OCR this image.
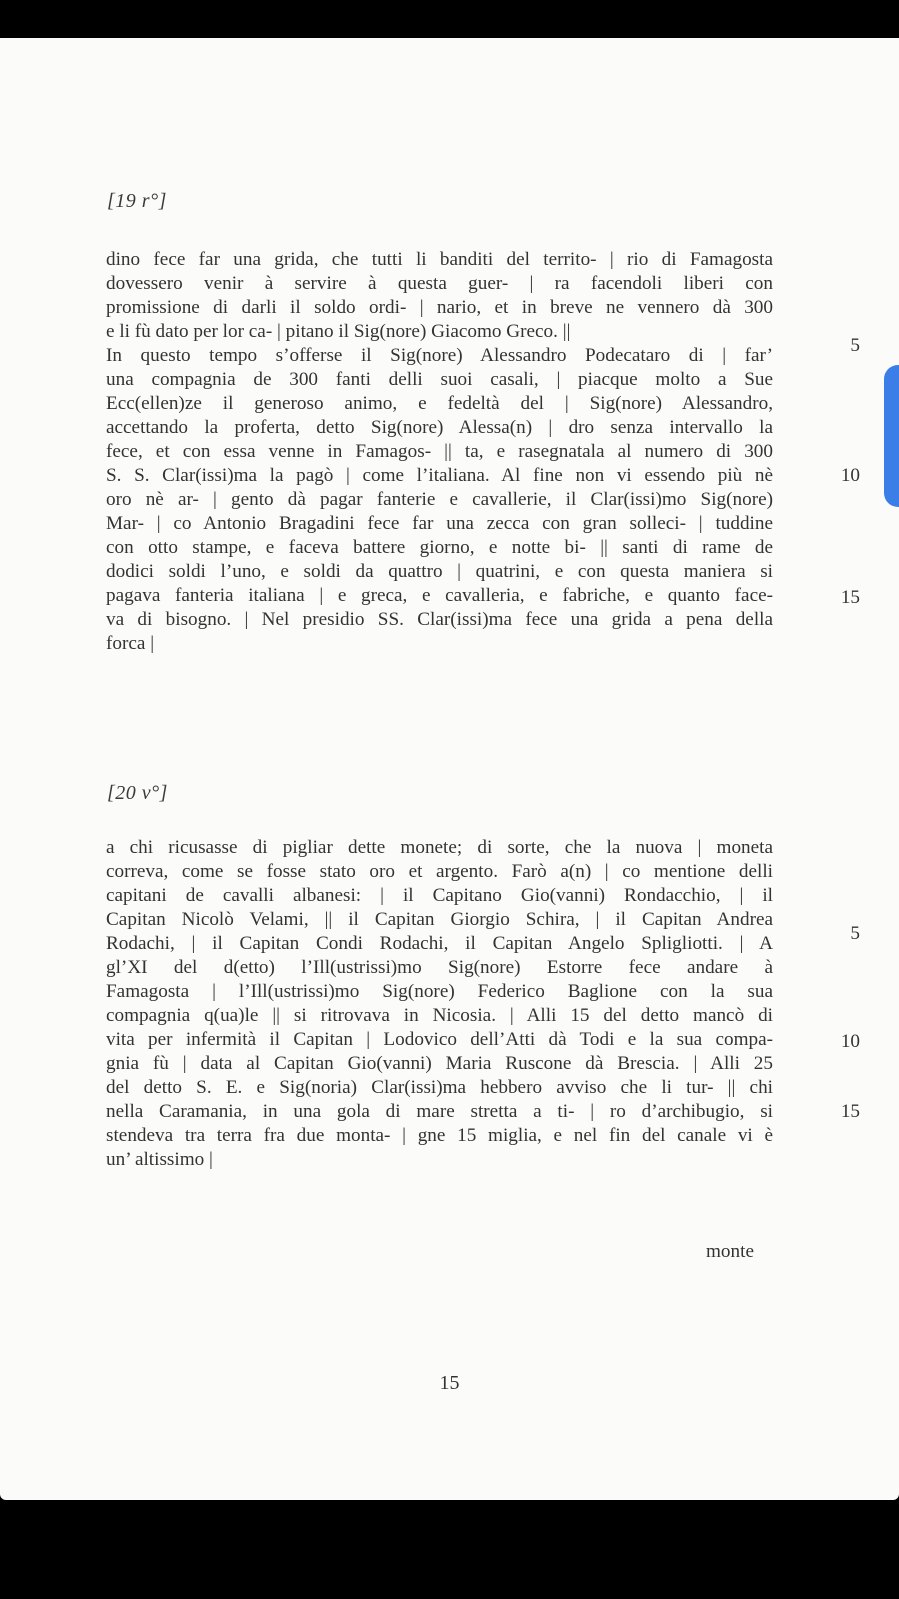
[19 r°]
dino fece far una grida, che tutti li banditi del territo- | rio di Famagosta
dovessero venir à servire à questa guer- | ra facendoli liberi con
promissione di darli il soldo ordi- | nario, et in breve ne vennero dà 300
e li fù dato per lor ca- | pitano il Sig(nore) Giacomo Greco. ||
In questo tempo s’offerse il Sig(nore) Alessandro Podecataro di | far’
una compagnia de 300 fanti delli suoi casali, | piacque molto a Sue
Ecc(ellen)ze il generoso animo, e fedeltà del | Sig(nore) Alessandro,
accettando la proferta, detto Sig(nore) Alessa(n) | dro senza intervallo la
fece, et con essa venne in Famagos- || ta, e rasegnatala al numero di 300
S. S. Clar(issi)ma la pagò | come l’italiana. Al fine non vi essendo più nè
oro nè ar- | gento dà pagar fanterie e cavallerie, il Clar(issi)mo Sig(nore)
Mar- | co Antonio Bragadini fece far una zecca con gran solleci- | tuddine
con otto stampe, e faceva battere giorno, e notte bi- || santi di rame de
dodici soldi l’uno, e soldi da quattro | quatrini, e con questa maniera si
pagava fanteria italiana | e greca, e cavalleria, e fabriche, e quanto face-
va di bisogno. | Nel presidio SS. Clar(issi)ma fece una grida a pena della
forca |
5
10
15
[20 v°]
a chi ricusasse di pigliar dette monete; di sorte, che la nuova | moneta
correva, come se fosse stato oro et argento. Farò a(n) | co mentione delli
capitani de cavalli albanesi: | il Capitano Gio(vanni) Rondacchio, | il
Capitan Nicolò Velami, || il Capitan Giorgio Schira, | il Capitan Andrea
Rodachi, | il Capitan Condi Rodachi, il Capitan Angelo Spligliotti. | A
gl’XI del d(etto) l’Ill(ustrissi)mo Sig(nore) Estorre fece andare à
Famagosta | l’Ill(ustrissi)mo Sig(nore) Federico Baglione con la sua
compagnia q(ua)le || si ritrovava in Nicosia. | Alli 15 del detto mancò di
vita per infermità il Capitan | Lodovico dell’Atti dà Todi e la sua compa-
gnia fù | data al Capitan Gio(vanni) Maria Ruscone dà Brescia. | Alli 25
del detto S. E. e Sig(noria) Clar(issi)ma hebbero avviso che li tur- || chi
nella Caramania, in una gola di mare stretta a ti- | ro d’archibugio, si
stendeva tra terra fra due monta- | gne 15 miglia, e nel fin del canale vi è
un’ altissimo |
5
10
15
monte
15
